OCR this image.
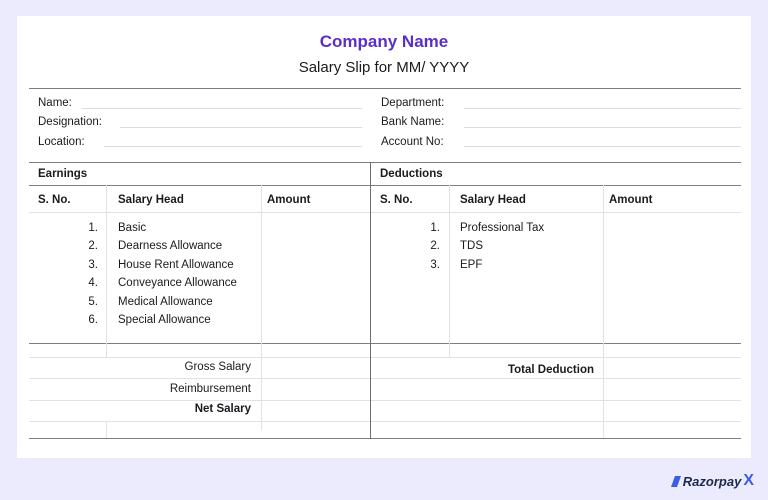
Company Name
Salary Slip for MM/ YYYY
Name:
Designation:
Location:
Department:
Bank Name:
Account No:
Earnings	Deductions
S. No.	Salary Head	Amount	S. No.	Salary Head	Amount
1. Basic
2. Dearness Allowance
3. House Rent Allowance
4. Conveyance Allowance
5. Medical Allowance
6. Special Allowance
1. Professional Tax
2. TDS
3. EPF
Gross Salary
Reimbursement
Net Salary
Total Deduction
Razorpay X
